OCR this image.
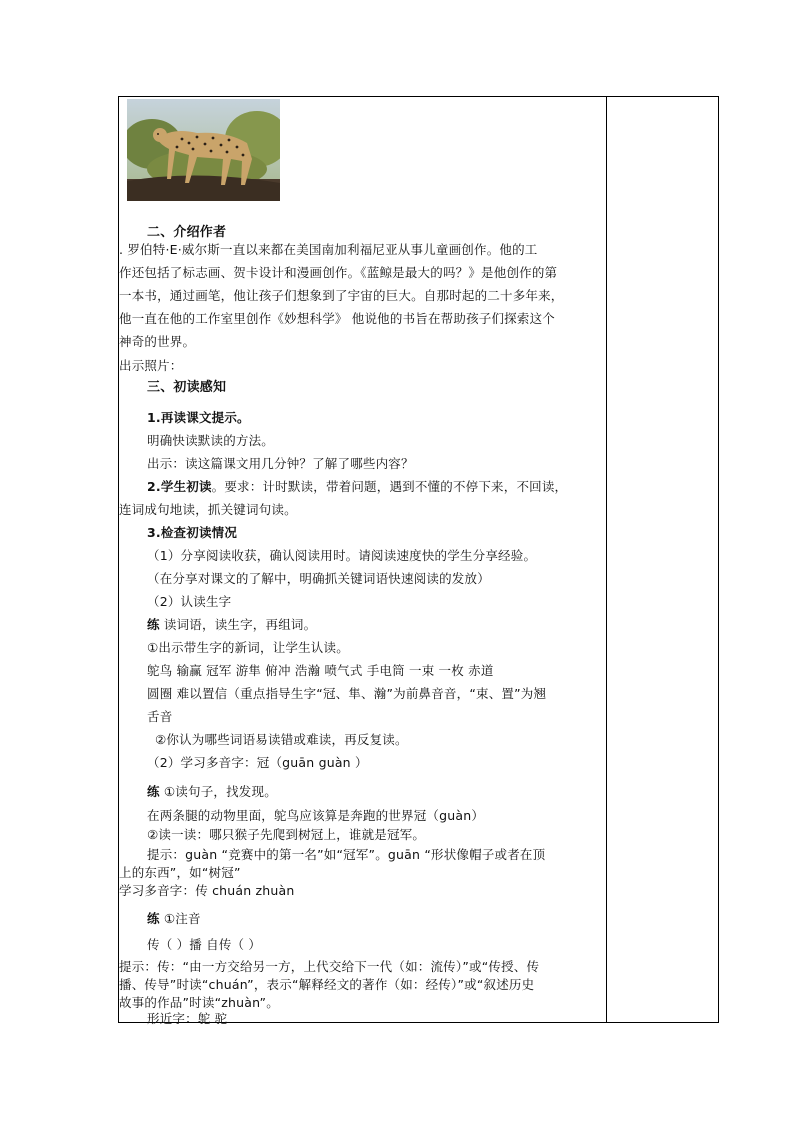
二、介绍作者
. 罗伯特·E·威尔斯一直以来都在美国南加利福尼亚从事儿童画创作。他的工
作还包括了标志画、贺卡设计和漫画创作。《蓝鲸是最大的吗？》是他创作的第
一本书，通过画笔，他让孩子们想象到了宇宙的巨大。自那时起的二十多年来，
他一直在他的工作室里创作《妙想科学》 他说他的书旨在帮助孩子们探索这个
神奇的世界。
出示照片：
三、初读感知
1.再读课文提示。
明确快读默读的方法。
出示：读这篇课文用几分钟？了解了哪些内容？
2.学生初读。要求：计时默读，带着问题，遇到不懂的不停下来，不回读，
连词成句地读，抓关键词句读。
3.检查初读情况
（1）分享阅读收获，确认阅读用时。请阅读速度快的学生分享经验。
（在分享对课文的了解中，明确抓关键词语快速阅读的发放）
（2）认读生字
练 读词语，读生字，再组词。
①出示带生字的新词，让学生认读。
鸵鸟 输赢 冠军 游隼 俯冲 浩瀚 喷气式 手电筒 一束 一枚 赤道
圆圈 难以置信（重点指导生字“冠、隼、瀚”为前鼻音音，“束、置”为翘
舌音
②你认为哪些词语易读错或难读，再反复读。
（2）学习多音字：冠（guān guàn ）
练 ①读句子，找发现。
在两条腿的动物里面，鸵鸟应该算是奔跑的世界冠（guàn）
②读一读：哪只猴子先爬到树冠上，谁就是冠军。
提示：guàn “竞赛中的第一名”如“冠军”。guān “形状像帽子或者在顶
上的东西”，如“树冠”
学习多音字：传 chuán zhuàn
练 ①注音
传（ ）播 自传（ ）
提示：传：“由一方交给另一方，上代交给下一代（如：流传）”或“传授、传
播、传导”时读“chuán”，表示“解释经文的著作（如：经传）”或“叙述历史
故事的作品”时读“zhuàn”。
形近字：鸵 驼
